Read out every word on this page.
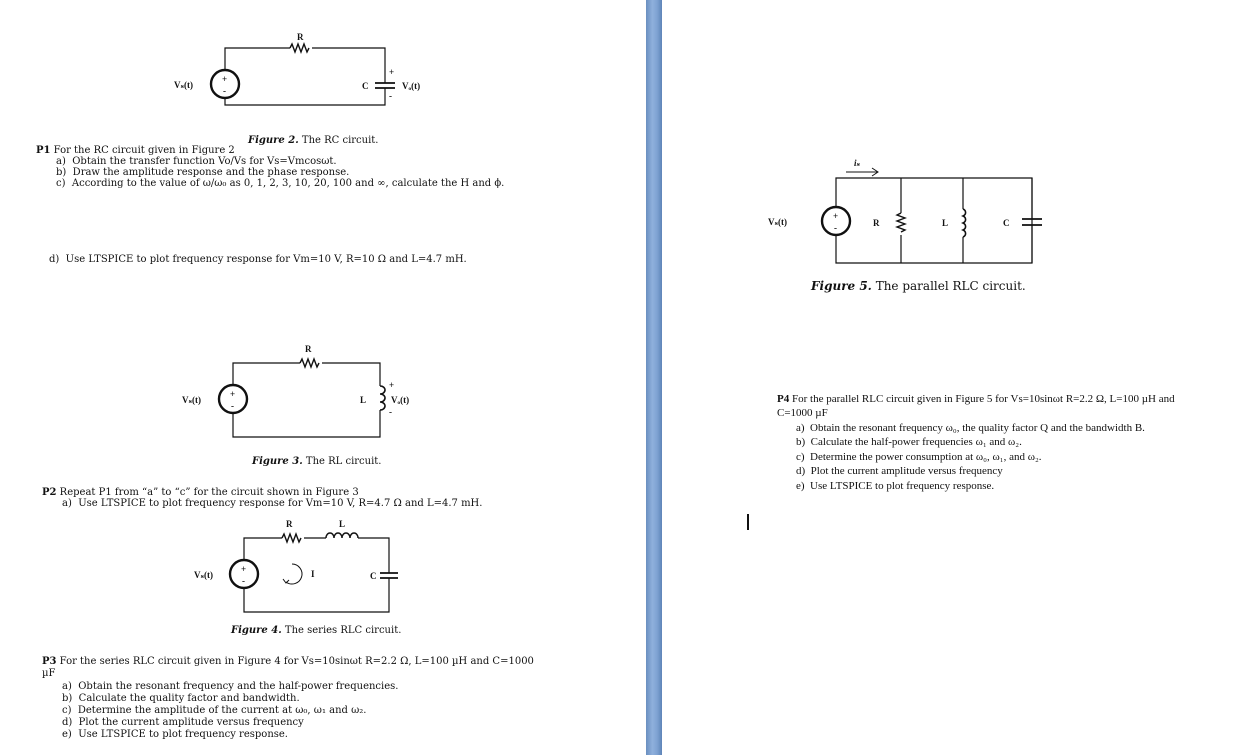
+
-
Vₛ(t)
R
C
+
Vₒ(t)
-
Figure 2. The RC circuit.
P1 For the RC circuit given in Figure 2
a) Obtain the transfer function Vo/Vs for Vs=Vmcosωt.
b) Draw the amplitude response and the phase response.
c) According to the value of ω/ω₀ as 0, 1, 2, 3, 10, 20, 100 and ∞, calculate the H and ϕ.
d) Use LTSPICE to plot frequency response for Vm=10 V, R=10 Ω and L=4.7 mH.
+
-
Vₛ(t)
R
L
+
Vₒ(t)
-
Figure 3. The RL circuit.
P2 Repeat P1 from “a” to “c” for the circuit shown in Figure 3
a) Use LTSPICE to plot frequency response for Vm=10 V, R=4.7 Ω and L=4.7 mH.
+
-
Vₛ(t)
R	L
C
I
Figure 4. The series RLC circuit.
P3 For the series RLC circuit given in Figure 4 for Vs=10sinωt R=2.2 Ω, L=100 µH and C=1000
µF
a) Obtain the resonant frequency and the half-power frequencies.
b) Calculate the quality factor and bandwidth.
c) Determine the amplitude of the current at ω₀, ω₁ and ω₂.
d) Plot the current amplitude versus frequency
e) Use LTSPICE to plot frequency response.
+
-
iₛ
Vₛ(t)	R	L	C
Figure 5. The parallel RLC circuit.
P4 For the parallel RLC circuit given in Figure 5 for Vs=10sinωt R=2.2 Ω, L=100 µH and
C=1000 µF
a) Obtain the resonant frequency ω₀, the quality factor Q and the bandwidth B.
b) Calculate the half-power frequencies ω₁ and ω₂.
c) Determine the power consumption at ω₀, ω₁, and ω₂.
d) Plot the current amplitude versus frequency
e) Use LTSPICE to plot frequency response.
